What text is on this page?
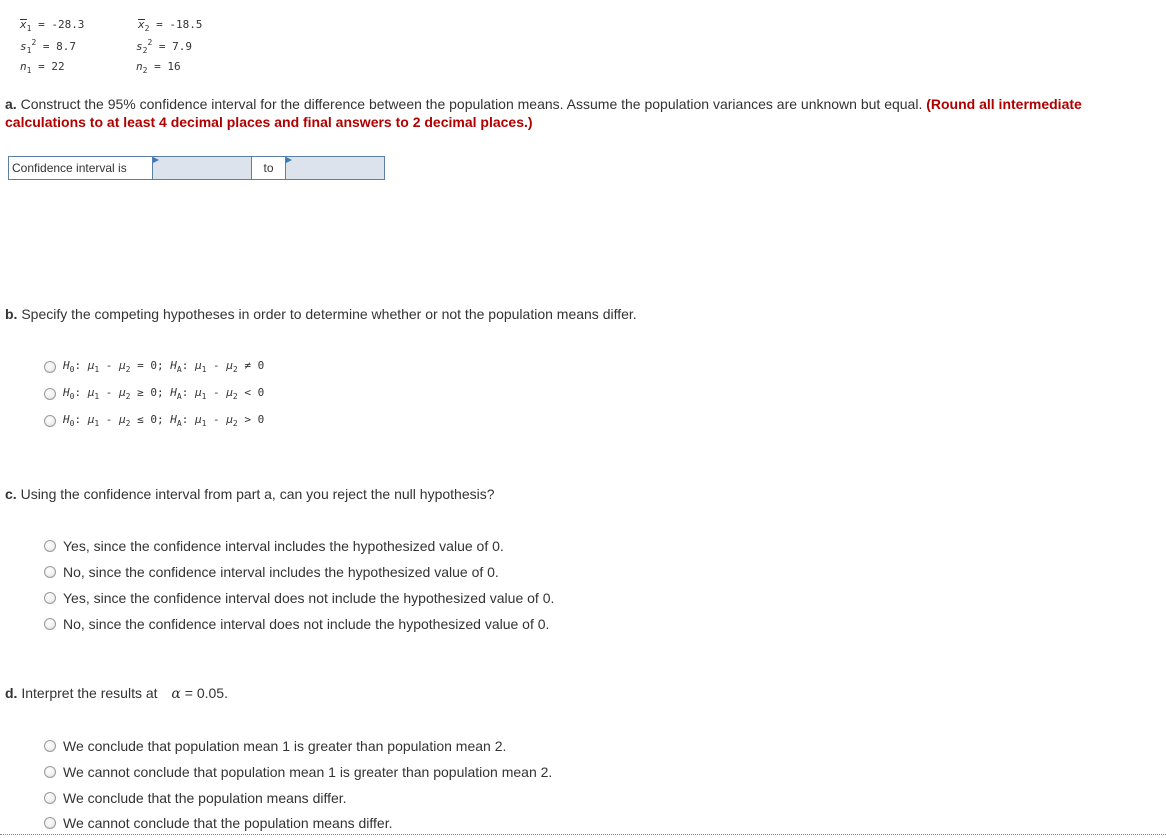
$x_1 = -28.3$	$x_2 = -18.5$
$s_1^2 = 8.7$	$s_2^2 = 7.9$
$n_1 = 22$	$n_2 = 16$
a. Construct the 95% confidence interval for the difference between the population means. Assume the population variances are unknown but equal. (Round all intermediate calculations to at least 4 decimal places and final answers to 2 decimal places.)
Confidence interval is	to
b. Specify the competing hypotheses in order to determine whether or not the population means differ.
$H_0$: $\mu_1 - \mu_2 = 0$; $H_A$: $\mu_1 - \mu_2 \ne 0$
$H_0$: $\mu_1 - \mu_2 \ge 0$; $H_A$: $\mu_1 - \mu_2 < 0$
$H_0$: $\mu_1 - \mu_2 \le 0$; $H_A$: $\mu_1 - \mu_2 > 0$
c. Using the confidence interval from part a, can you reject the null hypothesis?
Yes, since the confidence interval includes the hypothesized value of 0.
No, since the confidence interval includes the hypothesized value of 0.
Yes, since the confidence interval does not include the hypothesized value of 0.
No, since the confidence interval does not include the hypothesized value of 0.
d. Interpret the results at α = 0.05.
We conclude that population mean 1 is greater than population mean 2.
We cannot conclude that population mean 1 is greater than population mean 2.
We conclude that the population means differ.
We cannot conclude that the population means differ.
